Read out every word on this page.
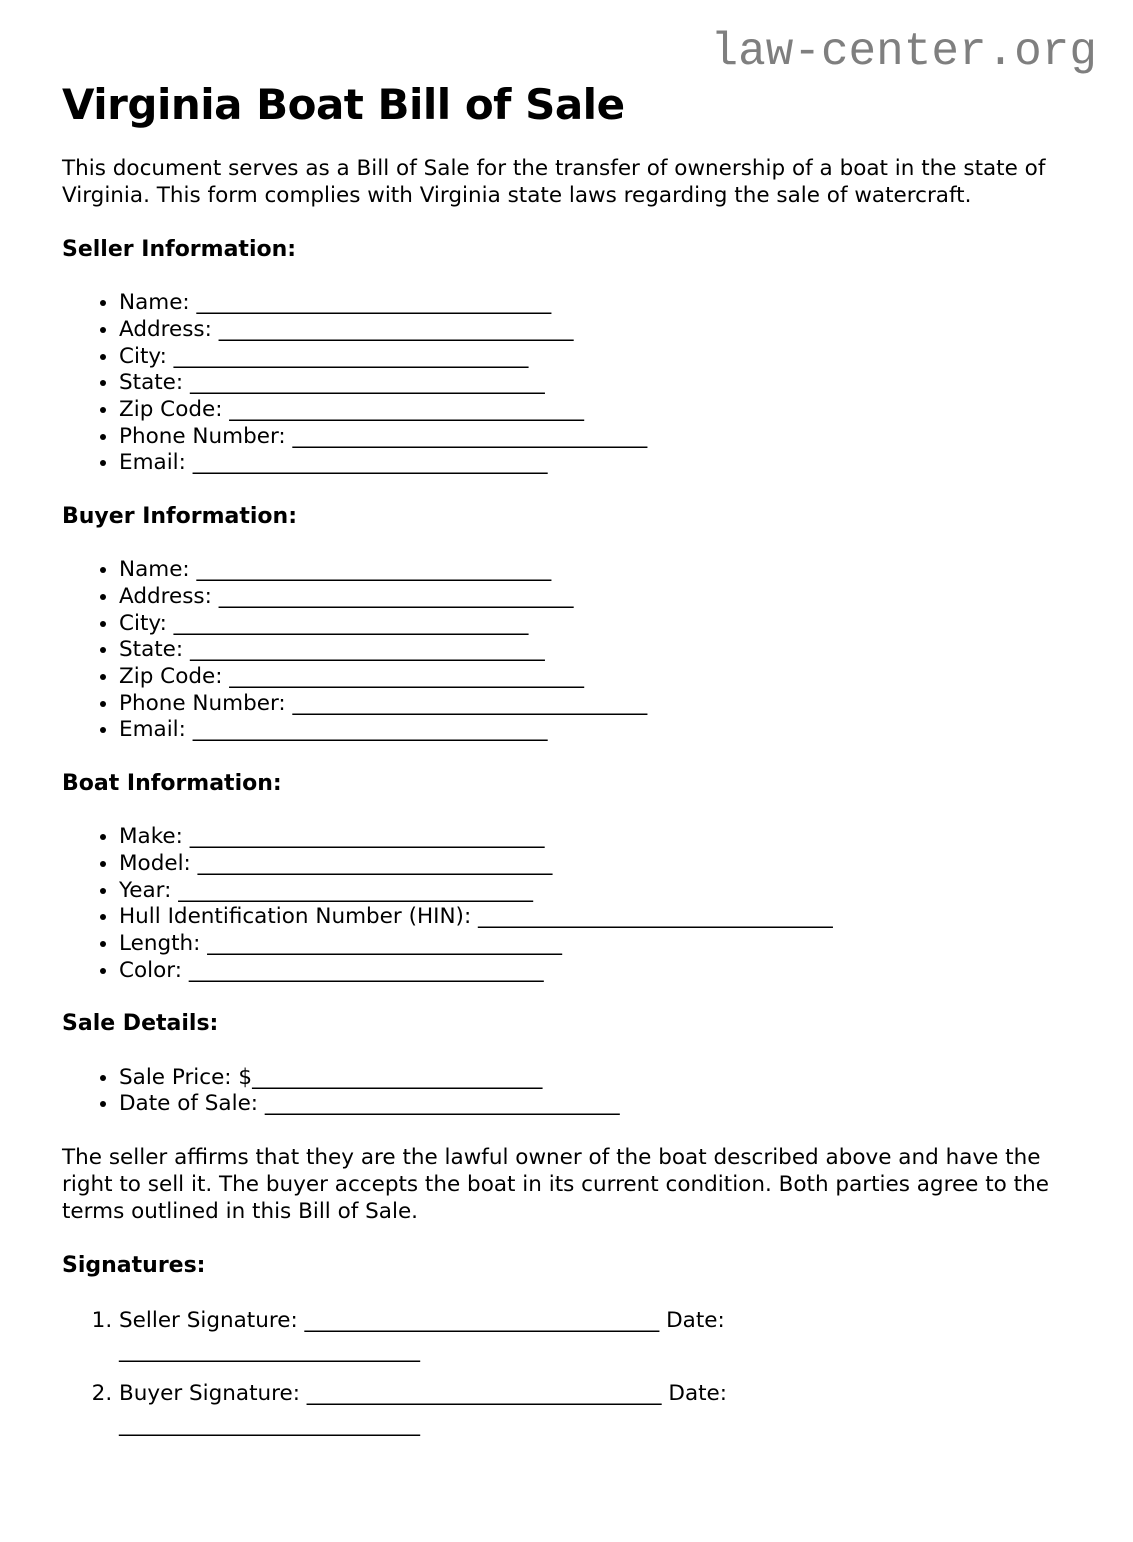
law-center.org
Virginia Boat Bill of Sale

This document serves as a Bill of Sale for the transfer of ownership of a boat in the state of Virginia. This form complies with Virginia state laws regarding the sale of watercraft.

Seller Information:
• Name: _________________________________
• Address: _________________________________
• City: _________________________________
• State: _________________________________
• Zip Code: _________________________________
• Phone Number: _________________________________
• Email: _________________________________
Buyer Information:
• Name: _________________________________
• Address: _________________________________
• City: _________________________________
• State: _________________________________
• Zip Code: _________________________________
• Phone Number: _________________________________
• Email: _________________________________
Boat Information:
• Make: _________________________________
• Model: _________________________________
• Year: _________________________________
• Hull Identification Number (HIN): _________________________________
• Length: _________________________________
• Color: _________________________________
Sale Details:
• Sale Price: $___________________________
• Date of Sale: _________________________________

The seller affirms that they are the lawful owner of the boat described above and have the right to sell it. The buyer accepts the boat in its current condition. Both parties agree to the terms outlined in this Bill of Sale.

Signatures:
1. Seller Signature: _________________________________ Date:
____________________________
2. Buyer Signature: _________________________________ Date:
____________________________
